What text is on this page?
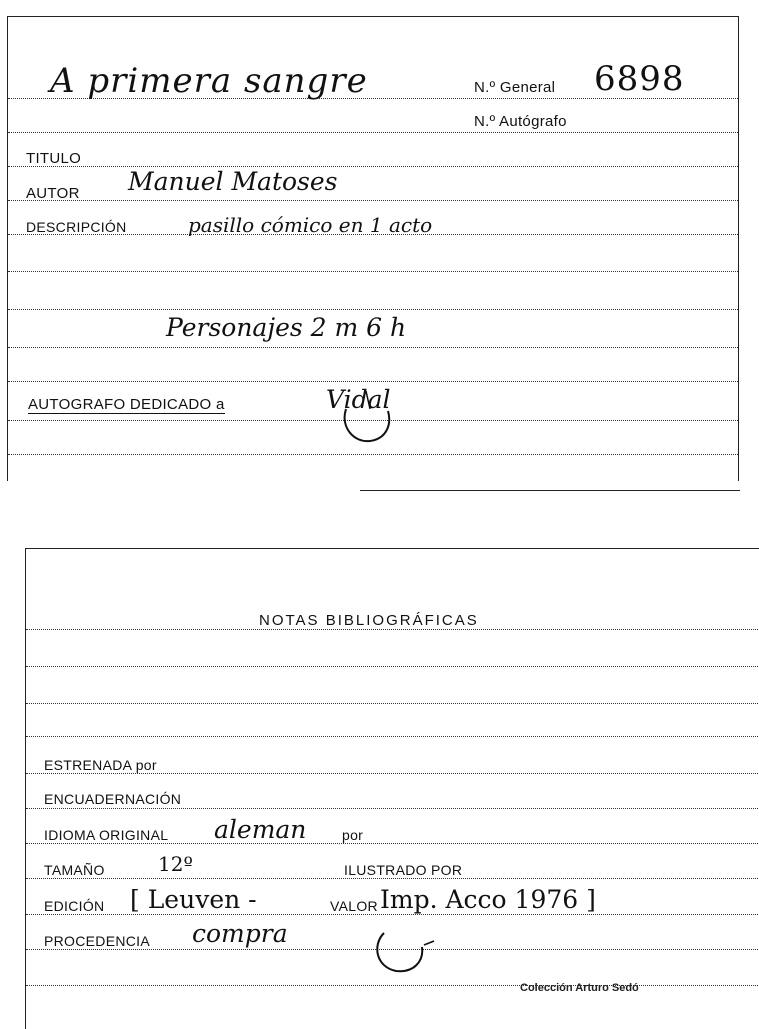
A primera sangre	N.º General 6898
N.º Autógrafo
TITULO
AUTOR Manuel Matoses
DESCRIPCIÓN	pasillo cómico en 1 acto
Personajes 2 m 6 h
AUTOGRAFO DEDICADO a	Vidal
NOTAS BIBLIOGRÁFICAS
ESTRENADA por
ENCUADERNACIÓN
IDIOMA ORIGINAL aleman	por
TAMAÑO	12º	ILUSTRADO POR
EDICIÓN [ Leuven -	VALOR Imp. Acco 1976 ]
PROCEDENCIA compra
Colección Arturo Sedó
